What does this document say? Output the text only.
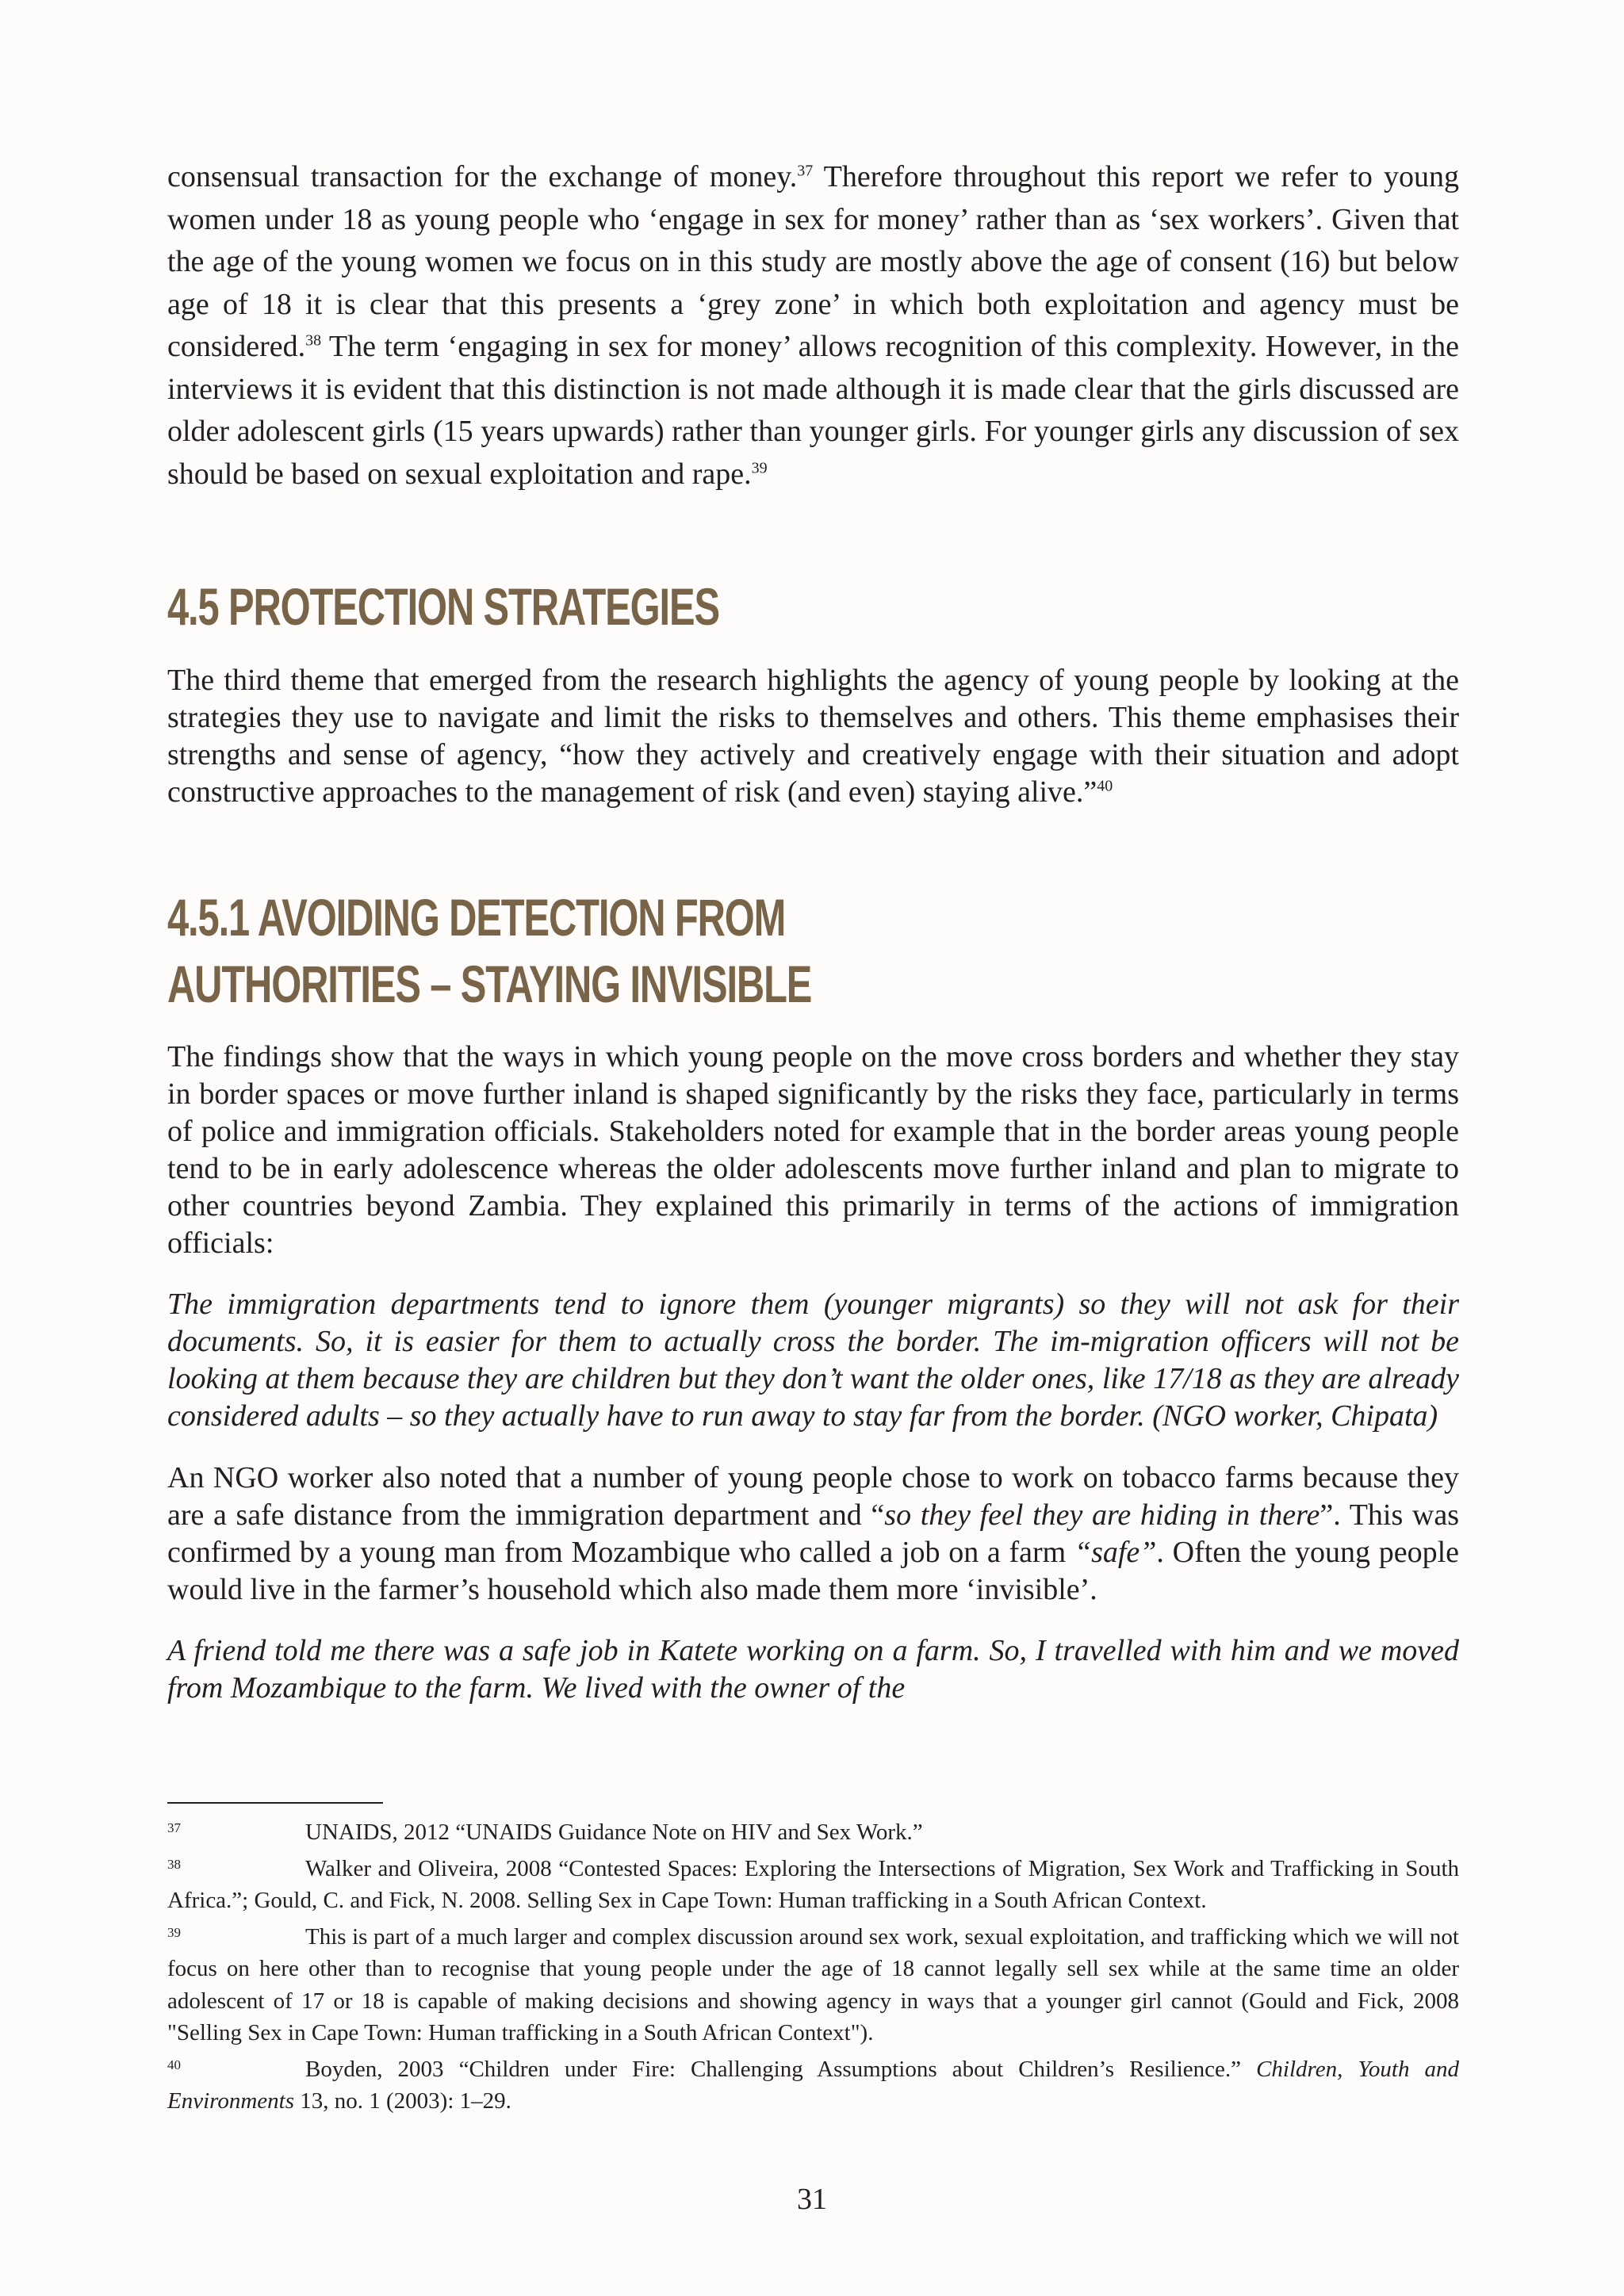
consensual transaction for the exchange of money.$^{37}$ Therefore throughout this report we refer to young women under 18 as young people who ‘engage in sex for money’ rather than as ‘sex workers’. Given that the age of the young women we focus on in this study are mostly above the age of consent (16) but below age of 18 it is clear that this presents a ‘grey zone’ in which both exploitation and agency must be considered.$^{38}$ The term ‘engaging in sex for money’ allows recognition of this complexity. However, in the interviews it is evident that this distinction is not made although it is made clear that the girls discussed are older adolescent girls (15 years upwards) rather than younger girls. For younger girls any discussion of sex should be based on sexual exploitation and rape.$^{39}$

4.5 PROTECTION STRATEGIES

The third theme that emerged from the research highlights the agency of young people by looking at the strategies they use to navigate and limit the risks to themselves and others. This theme emphasises their strengths and sense of agency, “how they actively and creatively engage with their situation and adopt constructive approaches to the management of risk (and even) staying alive.”$^{40}$

4.5.1 AVOIDING DETECTION FROM
AUTHORITIES – STAYING INVISIBLE

The findings show that the ways in which young people on the move cross borders and whether they stay in border spaces or move further inland is shaped significantly by the risks they face, particularly in terms of police and immigration officials. Stakeholders noted for example that in the border areas young people tend to be in early adolescence whereas the older adolescents move further inland and plan to migrate to other countries beyond Zambia. They explained this primarily in terms of the actions of immigration officials:

The immigration departments tend to ignore them (younger migrants) so they will not ask for their documents. So, it is easier for them to actually cross the border. The im-migration officers will not be looking at them because they are children but they don’t want the older ones, like 17/18 as they are already considered adults – so they actually have to run away to stay far from the border. (NGO worker, Chipata)

An NGO worker also noted that a number of young people chose to work on tobacco farms because they are a safe distance from the immigration department and “so they feel they are hiding in there”. This was confirmed by a young man from Mozambique who called a job on a farm “safe”. Often the young people would live in the farmer’s household which also made them more ‘invisible’.

A friend told me there was a safe job in Katete working on a farm. So, I travelled with him and we moved from Mozambique to the farm. We lived with the owner of the

37	UNAIDS, 2012 “UNAIDS Guidance Note on HIV and Sex Work.”

38	Walker and Oliveira, 2008 “Contested Spaces: Exploring the Intersections of Migration, Sex Work and Trafficking in South Africa.”; Gould, C. and Fick, N. 2008. Selling Sex in Cape Town: Human trafficking in a South African Context.

39	This is part of a much larger and complex discussion around sex work, sexual exploitation, and trafficking which we will not focus on here other than to recognise that young people under the age of 18 cannot legally sell sex while at the same time an older adolescent of 17 or 18 is capable of making decisions and showing agency in ways that a younger girl cannot (Gould and Fick, 2008 "Selling Sex in Cape Town: Human trafficking in a South African Context").

40	Boyden, 2003 “Children under Fire: Challenging Assumptions about Children’s Resilience.” Children, Youth and Environments 13, no. 1 (2003): 1–29.

31
